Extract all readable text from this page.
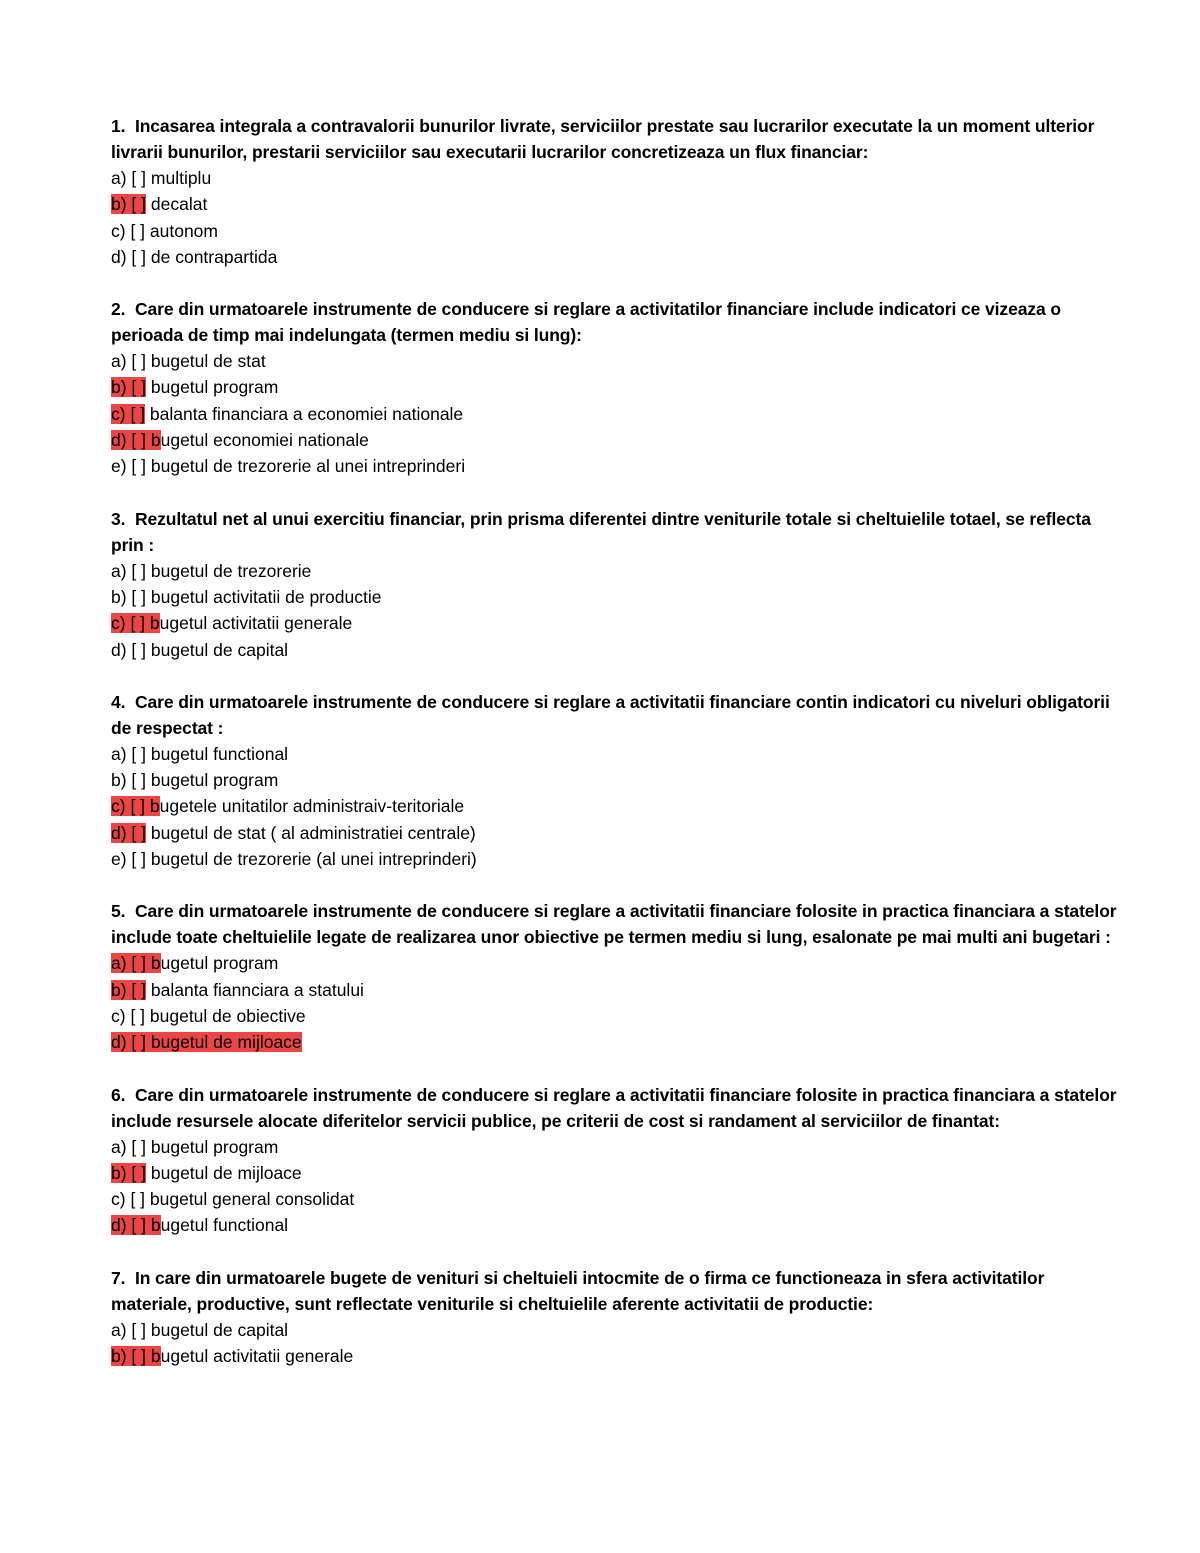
1. Incasarea integrala a contravalorii bunurilor livrate, serviciilor prestate sau lucrarilor executate la un moment ulterior livrarii bunurilor, prestarii serviciilor sau executarii lucrarilor concretizeaza un flux financiar:
a) [ ] multiplu
b) [ ] decalat
c) [ ] autonom
d) [ ] de contrapartida
2. Care din urmatoarele instrumente de conducere si reglare a activitatilor financiare include indicatori ce vizeaza o perioada de timp mai indelungata (termen mediu si lung):
a) [ ] bugetul de stat
b) [ ] bugetul program
c) [ ] balanta financiara a economiei nationale
d) [ ] bugetul economiei nationale
e) [ ] bugetul de trezorerie al unei intreprinderi
3. Rezultatul net al unui exercitiu financiar, prin prisma diferentei dintre veniturile totale si cheltuielile totael, se reflecta prin :
a) [ ] bugetul de trezorerie
b) [ ] bugetul activitatii de productie
c) [ ] bugetul activitatii generale
d) [ ] bugetul de capital
4. Care din urmatoarele instrumente de conducere si reglare a activitatii financiare contin indicatori cu niveluri obligatorii de respectat :
a) [ ] bugetul functional
b) [ ] bugetul program
c) [ ] bugetele unitatilor administraiv-teritoriale
d) [ ] bugetul de stat ( al administratiei centrale)
e) [ ] bugetul de trezorerie (al unei intreprinderi)
5. Care din urmatoarele instrumente de conducere si reglare a activitatii financiare folosite in practica financiara a statelor include toate cheltuielile legate de realizarea unor obiective pe termen mediu si lung, esalonate pe mai multi ani bugetari :
a) [ ] bugetul program
b) [ ] balanta fiannciara a statului
c) [ ] bugetul de obiective
d) [ ] bugetul de mijloace
6. Care din urmatoarele instrumente de conducere si reglare a activitatii financiare folosite in practica financiara a statelor include resursele alocate diferitelor servicii publice, pe criterii de cost si randament al serviciilor de finantat:
a) [ ] bugetul program
b) [ ] bugetul de mijloace
c) [ ] bugetul general consolidat
d) [ ] bugetul functional
7. In care din urmatoarele bugete de venituri si cheltuieli intocmite de o firma ce functioneaza in sfera activitatilor materiale, productive, sunt reflectate veniturile si cheltuielile aferente activitatii de productie:
a) [ ] bugetul de capital
b) [ ] bugetul activitatii generale
